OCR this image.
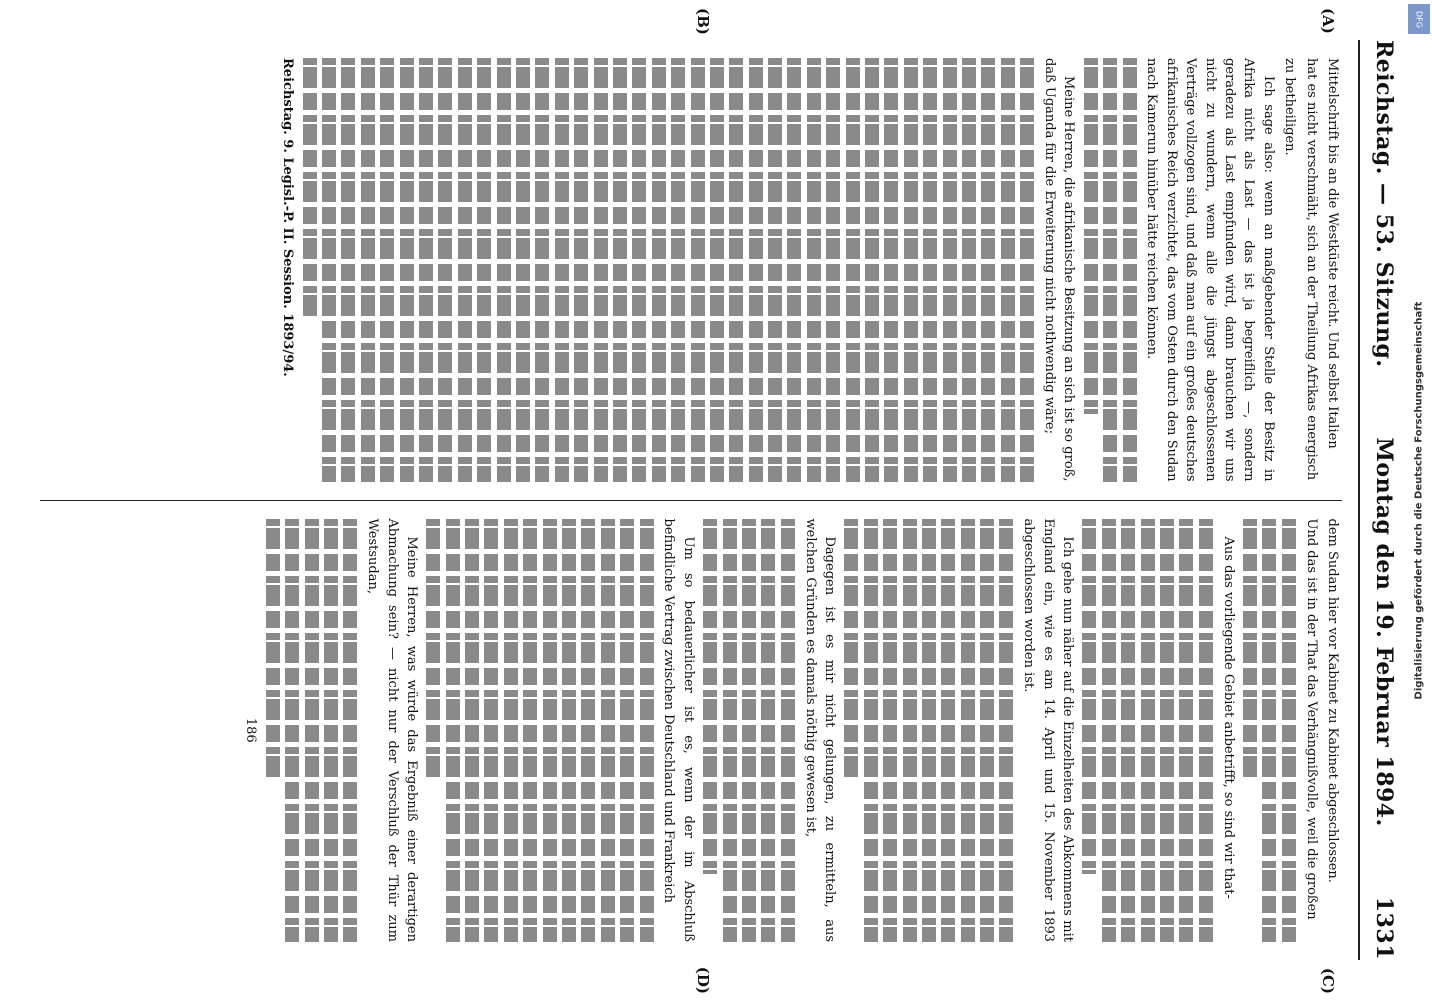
Reichstag. — 53. Sitzung.
Montag den 19. Februar 1894.
1331

Mittelschrift bis an die Westküste reicht. Und selbst Italien

hat es nicht verschmäht, sich an der Theilung Afrikas energisch

zu betheiligen.

Ich sage also: wenn an maßgebender Stelle der Besitz in Afrika nicht als Last — das ist ja begreiflich —, sondern geradezu als Last empfunden wird, dann brauchen wir uns nicht zu wundern, wenn alle die jüngst abgeschlossenen Verträge vollzogen sind, und daß man auf ein großes deutsches afrikanisches Reich verzichtet, das vom Osten durch den Sudan nach Kamerun hinüber hätte reichen können.

Meine Herren, die afrikanische Besitzung an sich ist so groß, daß Uganda für die Erweiterung nicht nothwendig wäre;

Reichstag. 9. Legisl.-P. II. Session. 1893/94.

dem Sudan hier vor Kabinet zu Kabinet abgeschlossen.

Und das ist in der That das Verhängnißvolle, weil die großen

Aus das vorliegende Gebiet anbetrifft, so sind wir that-

Ich gehe nun näher auf die Einzelheiten des Abkommens mit England ein, wie es am 14. April und 15. November 1893 abgeschlossen worden ist.

Dagegen ist es mir nicht gelungen, zu ermitteln, aus welchen Gründen es damals nöthig gewesen ist,

Um so bedauerlicher ist es, wenn der im Abschluß befindliche Vertrag zwischen Deutschland und Frankreich

Meine Herren, was würde das Ergebniß einer derartigen Abmachung sein? — nicht nur der Verschluß der Thür zum Westsudan,

186

(A)
(B)
(C)
(D)
Digitalisierung gefördert durch die Deutsche Forschungsgemeinschaft
DFG
